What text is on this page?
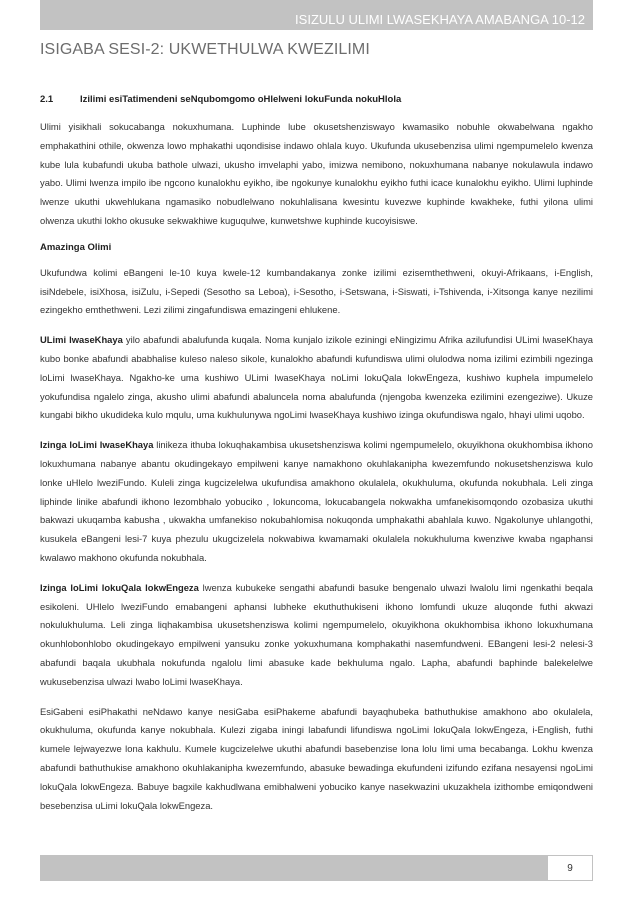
ISIZULU ULIMI LWASEKHAYA AMABANGA 10-12
ISIGABA SESI-2: UKWETHULWA KWEZILIMI
2.1	Izilimi esiTatimendeni seNqubomgomo oHlelweni lokuFunda nokuHlola

Ulimi yisikhali sokucabanga nokuxhumana. Luphinde lube okusetshenziswayo kwamasiko nobuhle okwabelwana ngakho emphakathini othile, okwenza lowo mphakathi uqondisise indawo ohlala kuyo. Ukufunda ukusebenzisa ulimi ngempumelelo kwenza kube lula kubafundi ukuba bathole ulwazi, ukusho imvelaphi yabo, imizwa nemibono, nokuxhumana nabanye nokulawula indawo yabo. Ulimi lwenza impilo ibe ngcono kunalokhu eyikho, ibe ngokunye kunalokhu eyikho futhi icace kunalokhu eyikho. Ulimi luphinde lwenze ukuthi ukwehlukana ngamasiko nobudlelwano nokuhlalisana kwesintu kuvezwe kuphinde kwakheke, futhi yilona ulimi olwenza ukuthi lokho okusuke sekwakhiwe kuguqulwe, kunwetshwe kuphinde kucoyisiswe.

Amazinga Olimi

Ukufundwa kolimi eBangeni le-10 kuya kwele-12 kumbandakanya zonke izilimi ezisemthethweni, okuyi-Afrikaans, i-English, isiNdebele, isiXhosa, isiZulu, i-Sepedi (Sesotho sa Leboa), i-Sesotho, i-Setswana, i-Siswati, i-Tshivenda, i-Xitsonga kanye nezilimi ezingekho emthethweni. Lezi zilimi zingafundiswa emazingeni ehlukene.

ULimi lwaseKhaya yilo abafundi abalufunda kuqala. Noma kunjalo izikole eziningi eNingizimu Afrika azilufundisi ULimi lwaseKhaya kubo bonke abafundi ababhalise kuleso naleso sikole, kunalokho abafundi kufundiswa ulimi olulodwa noma izilimi ezimbili ngezinga loLimi lwaseKhaya. Ngakho-ke uma kushiwo ULimi lwaseKhaya noLimi lokuQala lokwEngeza, kushiwo kuphela impumelelo yokufundisa ngalelo zinga, akusho ulimi abafundi abaluncela noma abalufunda (njengoba kwenzeka ezilimini ezengeziwe). Ukuze kungabi bikho ukudideka kulo mqulu, uma kukhulunywa ngoLimi lwaseKhaya kushiwo izinga okufundiswa ngalo, hhayi ulimi uqobo.

Izinga loLimi lwaseKhaya linikeza ithuba lokuqhakambisa ukusetshenziswa kolimi ngempumelelo, okuyikhona okukhombisa ikhono lokuxhumana nabanye abantu okudingekayo empilweni kanye namakhono okuhlakanipha kwezemfundo nokusetshenziswa kulo lonke uHlelo lweziFundo. Kuleli zinga kugcizelelwa ukufundisa amakhono okulalela, okukhuluma, okufunda nokubhala. Leli zinga liphinde linike abafundi ikhono lezombhalo yobuciko , lokuncoma, lokucabangela nokwakha umfanekisomqondo ozobasiza ukuthi bakwazi ukuqamba kabusha , ukwakha umfanekiso nokubahlomisa nokuqonda umphakathi abahlala kuwo. Ngakolunye uhlangothi, kusukela eBangeni lesi-7 kuya phezulu ukugcizelela nokwabiwa kwamamaki okulalela nokukhuluma kwenziwe kwaba ngaphansi kwalawo makhono okufunda nokubhala.

Izinga loLimi lokuQala lokwEngeza lwenza kubukeke sengathi abafundi basuke bengenalo ulwazi lwalolu limi ngenkathi beqala esikoleni. UHlelo lweziFundo emabangeni aphansi lubheke ekuthuthukiseni ikhono lomfundi ukuze aluqonde futhi akwazi nokulukhuluma. Leli zinga liqhakambisa ukusetshenziswa kolimi ngempumelelo, okuyikhona okukhombisa ikhono lokuxhumana okunhlobonhlobo okudingekayo empilweni yansuku zonke yokuxhumana komphakathi nasemfundweni. EBangeni lesi-2 nelesi-3 abafundi baqala ukubhala nokufunda ngalolu limi abasuke kade bekhuluma ngalo. Lapha, abafundi baphinde balekelelwe wukusebenzisa ulwazi lwabo loLimi lwaseKhaya.

EsiGabeni esiPhakathi neNdawo kanye nesiGaba esiPhakeme abafundi bayaqhubeka bathuthukise amakhono abo okulalela, okukhuluma, okufunda kanye nokubhala. Kulezi zigaba iningi labafundi lifundiswa ngoLimi lokuQala lokwEngeza, i-English, futhi kumele lejwayezwe lona kakhulu. Kumele kugcizelelwe ukuthi abafundi basebenzise lona lolu limi uma becabanga. Lokhu kwenza abafundi bathuthukise amakhono okuhlakanipha kwezemfundo, abasuke bewadinga ekufundeni izifundo ezifana nesayensi ngoLimi lokuQala lokwEngeza. Babuye bagxile kakhudlwana emibhalweni yobuciko kanye nasekwazini ukuzakhela izithombe emiqondweni besebenzisa uLimi lokuQala lokwEngeza.

9
